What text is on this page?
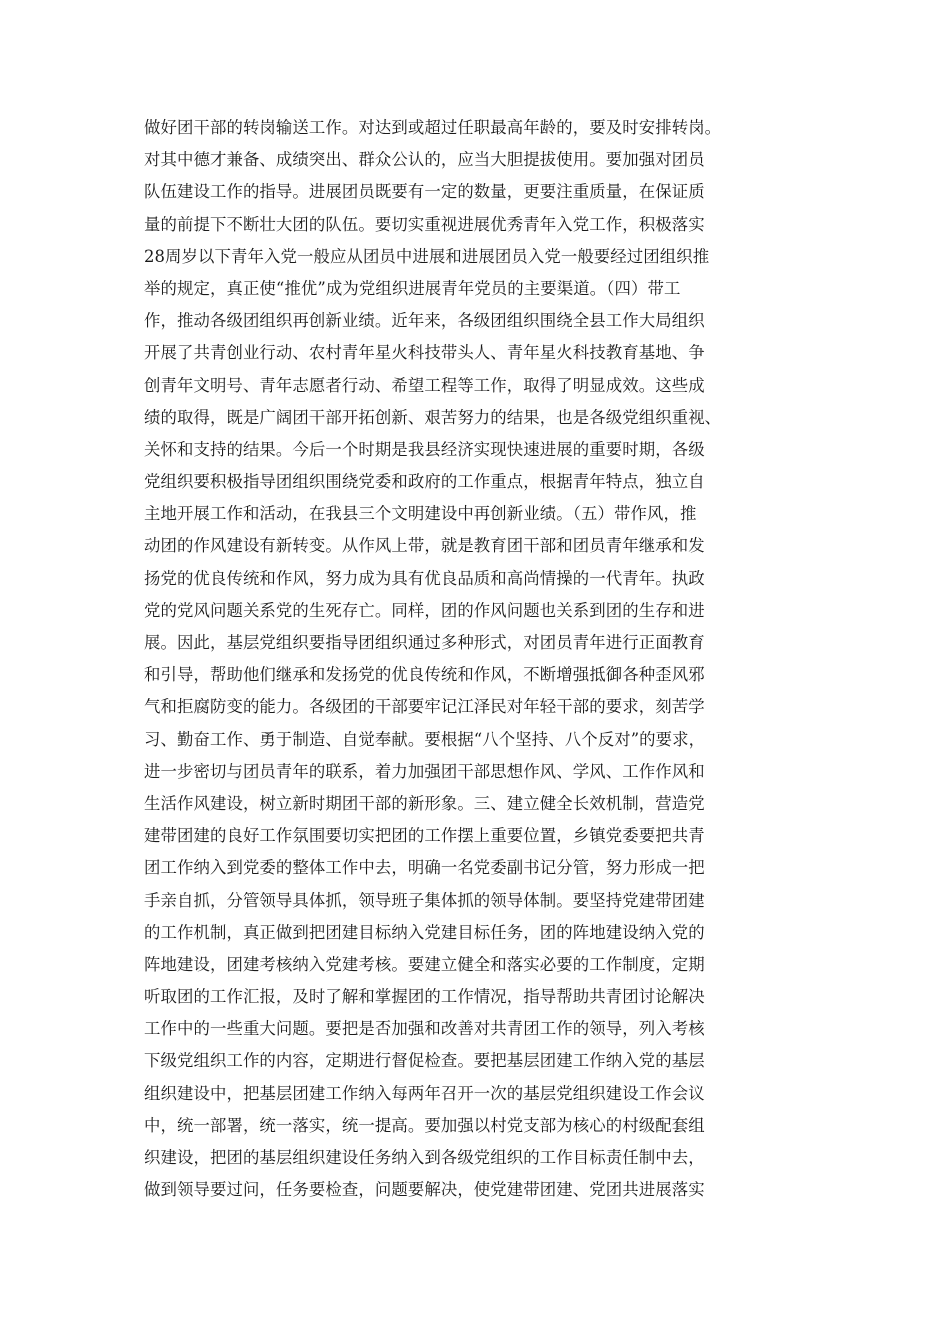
做好团干部的转岗输送工作。对达到或超过任职最高年龄的，要及时安排转岗。
对其中德才兼备、成绩突出、群众公认的，应当大胆提拔使用。要加强对团员
队伍建设工作的指导。进展团员既要有一定的数量，更要注重质量，在保证质
量的前提下不断壮大团的队伍。要切实重视进展优秀青年入党工作，积极落实
28周岁以下青年入党一般应从团员中进展和进展团员入党一般要经过团组织推
举的规定，真正使“推优”成为党组织进展青年党员的主要渠道。（四）带工
作，推动各级团组织再创新业绩。近年来，各级团组织围绕全县工作大局组织
开展了共青创业行动、农村青年星火科技带头人、青年星火科技教育基地、争
创青年文明号、青年志愿者行动、希望工程等工作，取得了明显成效。这些成
绩的取得，既是广阔团干部开拓创新、艰苦努力的结果，也是各级党组织重视、
关怀和支持的结果。今后一个时期是我县经济实现快速进展的重要时期，各级
党组织要积极指导团组织围绕党委和政府的工作重点，根据青年特点，独立自
主地开展工作和活动，在我县三个文明建设中再创新业绩。（五）带作风，推
动团的作风建设有新转变。从作风上带，就是教育团干部和团员青年继承和发
扬党的优良传统和作风，努力成为具有优良品质和高尚情操的一代青年。执政
党的党风问题关系党的生死存亡。同样，团的作风问题也关系到团的生存和进
展。因此，基层党组织要指导团组织通过多种形式，对团员青年进行正面教育
和引导，帮助他们继承和发扬党的优良传统和作风，不断增强抵御各种歪风邪
气和拒腐防变的能力。各级团的干部要牢记江泽民对年轻干部的要求，刻苦学
习、勤奋工作、勇于制造、自觉奉献。要根据“八个坚持、八个反对”的要求，
进一步密切与团员青年的联系，着力加强团干部思想作风、学风、工作作风和
生活作风建设，树立新时期团干部的新形象。三、建立健全长效机制，营造党
建带团建的良好工作氛围要切实把团的工作摆上重要位置，乡镇党委要把共青
团工作纳入到党委的整体工作中去，明确一名党委副书记分管，努力形成一把
手亲自抓，分管领导具体抓，领导班子集体抓的领导体制。要坚持党建带团建
的工作机制，真正做到把团建目标纳入党建目标任务，团的阵地建设纳入党的
阵地建设，团建考核纳入党建考核。要建立健全和落实必要的工作制度，定期
听取团的工作汇报，及时了解和掌握团的工作情况，指导帮助共青团讨论解决
工作中的一些重大问题。要把是否加强和改善对共青团工作的领导，列入考核
下级党组织工作的内容，定期进行督促检查。要把基层团建工作纳入党的基层
组织建设中，把基层团建工作纳入每两年召开一次的基层党组织建设工作会议
中，统一部署，统一落实，统一提高。要加强以村党支部为核心的村级配套组
织建设，把团的基层组织建设任务纳入到各级党组织的工作目标责任制中去，
做到领导要过问，任务要检查，问题要解决，使党建带团建、党团共进展落实
